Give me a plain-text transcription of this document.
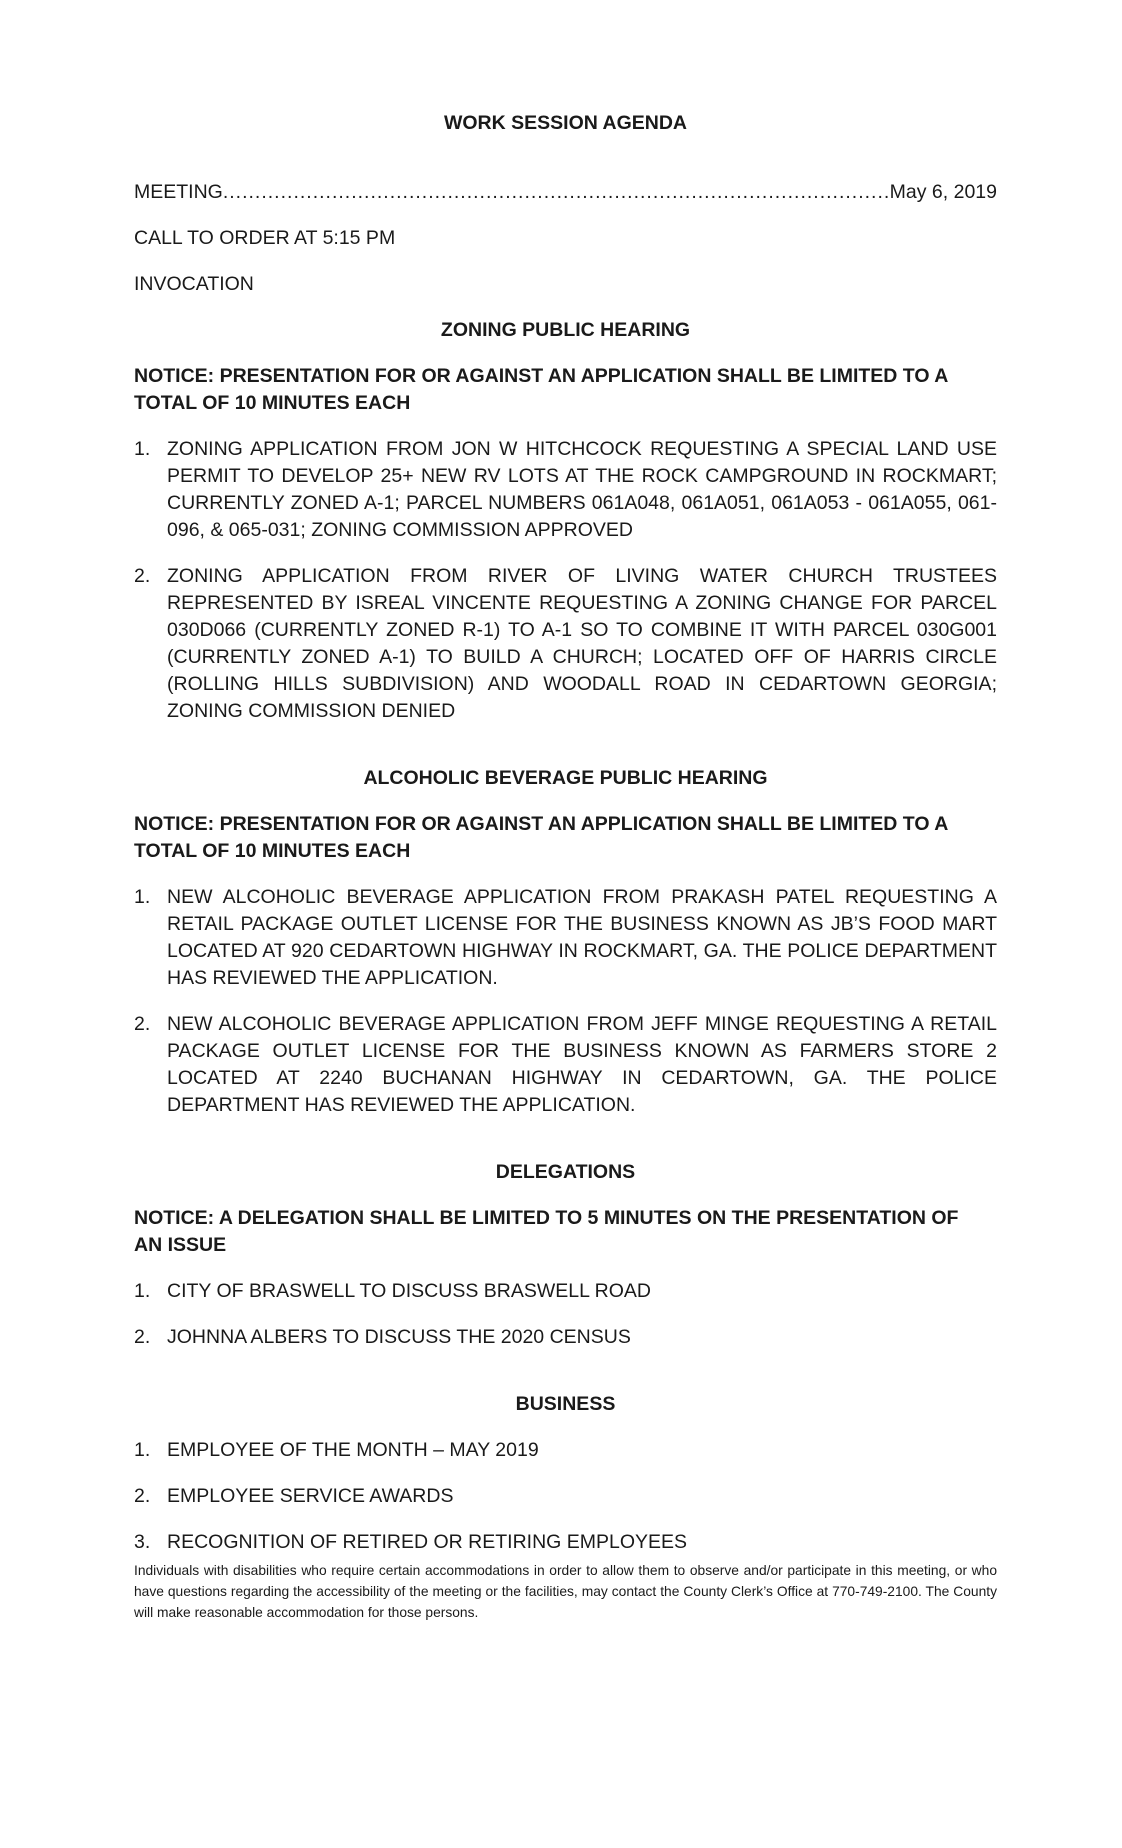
WORK SESSION AGENDA
MEETING
.....	May 6, 2019
CALL TO ORDER AT 5:15 PM
INVOCATION
ZONING PUBLIC HEARING
NOTICE: PRESENTATION FOR OR AGAINST AN APPLICATION SHALL BE LIMITED TO A TOTAL OF 10 MINUTES EACH
1. ZONING APPLICATION FROM JON W HITCHCOCK REQUESTING A SPECIAL LAND USE PERMIT TO DEVELOP 25+ NEW RV LOTS AT THE ROCK CAMPGROUND IN ROCKMART; CURRENTLY ZONED A-1; PARCEL NUMBERS 061A048, 061A051, 061A053 - 061A055, 061-096, & 065-031; ZONING COMMISSION APPROVED
2. ZONING APPLICATION FROM RIVER OF LIVING WATER CHURCH TRUSTEES REPRESENTED BY ISREAL VINCENTE REQUESTING A ZONING CHANGE FOR PARCEL 030D066 (CURRENTLY ZONED R-1) TO A-1 SO TO COMBINE IT WITH PARCEL 030G001 (CURRENTLY ZONED A-1) TO BUILD A CHURCH; LOCATED OFF OF HARRIS CIRCLE (ROLLING HILLS SUBDIVISION) AND WOODALL ROAD IN CEDARTOWN GEORGIA; ZONING COMMISSION DENIED
ALCOHOLIC BEVERAGE PUBLIC HEARING
NOTICE: PRESENTATION FOR OR AGAINST AN APPLICATION SHALL BE LIMITED TO A TOTAL OF 10 MINUTES EACH
1. NEW ALCOHOLIC BEVERAGE APPLICATION FROM PRAKASH PATEL REQUESTING A RETAIL PACKAGE OUTLET LICENSE FOR THE BUSINESS KNOWN AS JB’S FOOD MART LOCATED AT 920 CEDARTOWN HIGHWAY IN ROCKMART, GA. THE POLICE DEPARTMENT HAS REVIEWED THE APPLICATION.
2. NEW ALCOHOLIC BEVERAGE APPLICATION FROM JEFF MINGE REQUESTING A RETAIL PACKAGE OUTLET LICENSE FOR THE BUSINESS KNOWN AS FARMERS STORE 2 LOCATED AT 2240 BUCHANAN HIGHWAY IN CEDARTOWN, GA. THE POLICE DEPARTMENT HAS REVIEWED THE APPLICATION.
DELEGATIONS
NOTICE: A DELEGATION SHALL BE LIMITED TO 5 MINUTES ON THE PRESENTATION OF
AN ISSUE
1. CITY OF BRASWELL TO DISCUSS BRASWELL ROAD
2. JOHNNA ALBERS TO DISCUSS THE 2020 CENSUS
BUSINESS
1. EMPLOYEE OF THE MONTH – MAY 2019
2. EMPLOYEE SERVICE AWARDS
3. RECOGNITION OF RETIRED OR RETIRING EMPLOYEES
Individuals with disabilities who require certain accommodations in order to allow them to observe and/or participate in this meeting, or who have questions regarding the accessibility of the meeting or the facilities, may contact the County Clerk’s Office at 770-749-2100. The County will make reasonable accommodation for those persons.
